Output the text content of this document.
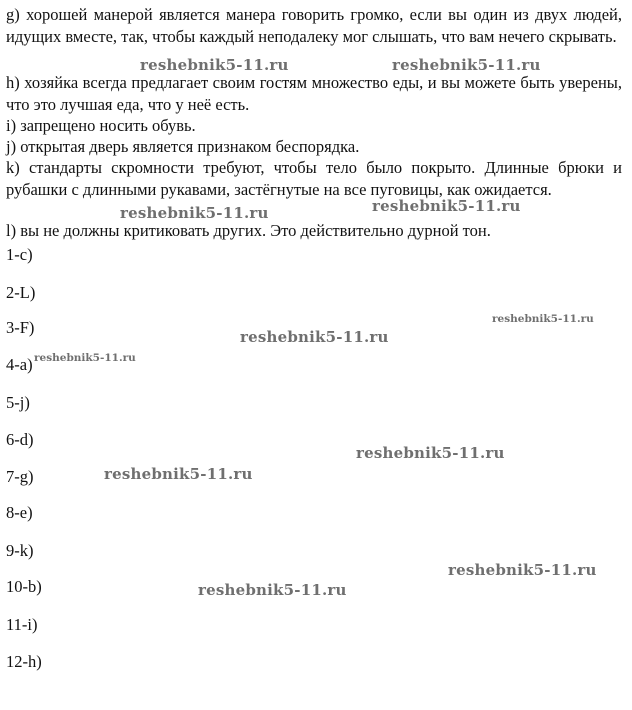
g) хорошей манерой является манера говорить громко, если вы один из двух людей, идущих вместе, так, чтобы каждый неподалеку мог слышать, что вам нечего скрывать.

h) хозяйка всегда предлагает своим гостям множество еды, и вы можете быть уверены, что это лучшая еда, что у неё есть.

i) запрещено носить обувь.

j) открытая дверь является признаком беспорядка.

k) стандарты скромности требуют, чтобы тело было покрыто. Длинные брюки и рубашки с длинными рукавами, застёгнутые на все пуговицы, как ожидается.

l) вы не должны критиковать других. Это действительно дурной тон.

1-c)
2-L)
3-F)
4-a)
5-j)
6-d)
7-g)
8-e)
9-k)
10-b)
11-i)
12-h)
reshebnik5-11.ru	reshebnik5-11.ru
reshebnik5-11.ru	reshebnik5-11.ru
reshebnik5-11.ru
reshebnik5-11.ru
reshebnik5-11.ru
reshebnik5-11.ru
reshebnik5-11.ru
reshebnik5-11.ru
reshebnik5-11.ru
